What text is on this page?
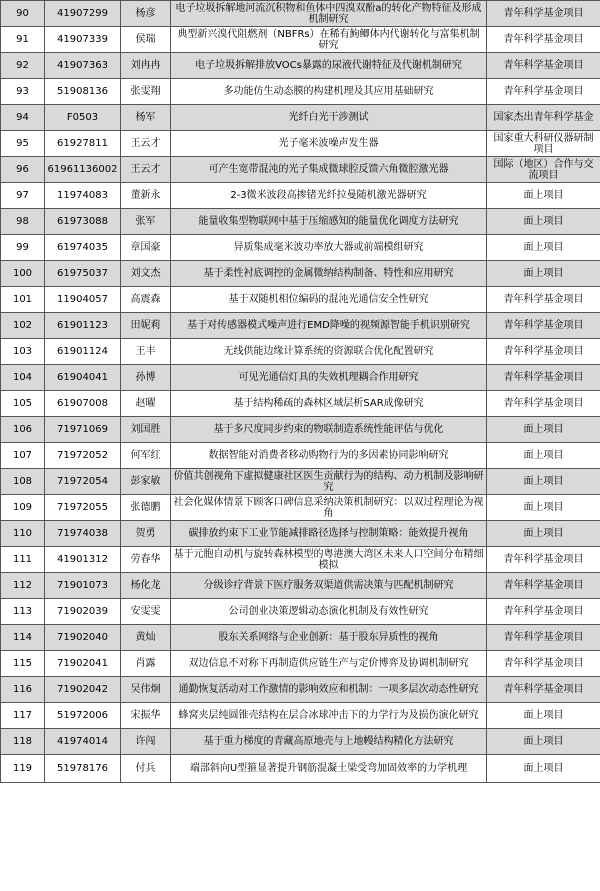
90	41907299	杨彦	电子垃圾拆解地河流沉积物和鱼体中四溴双酚a的转化产物特征及形成机制研究	青年科学基金项目
91	41907339	侯瑞	典型新兴溴代阻燃剂（NBFRs）在稀有鮈鲫体内代谢转化与富集机制研究	青年科学基金项目
92	41907363	刘冉冉	电子垃圾拆解排放VOCs暴露的尿液代谢特征及代谢机制研究	青年科学基金项目
93	51908136	张雯翔	多功能仿生动态膜的构建机理及其应用基础研究	青年科学基金项目
94	F0503	杨军	光纤白光干涉测试	国家杰出青年科学基金
95	61927811	王云才	光子毫米波噪声发生器	国家重大科研仪器研制项目
96	61961136002	王云才	可产生宽带混沌的光子集成微球腔反馈六角微腔激光器	国际（地区）合作与交流项目
97	11974083	董新永	2-3微米波段高掺锗光纤拉曼随机激光器研究	面上项目
98	61973088	张军	能量收集型物联网中基于压缩感知的能量优化调度方法研究	面上项目
99	61974035	章国豪	异质集成毫米波功率放大器或前端模组研究	面上项目
100	61975037	刘文杰	基于柔性衬底调控的金属微纳结构制备、特性和应用研究	面上项目
101	11904057	高震森	基于双随机相位编码的混沌光通信安全性研究	青年科学基金项目
102	61901123	田妮莉	基于对传感器模式噪声进行EMD降噪的视频源智能手机识别研究	青年科学基金项目
103	61901124	王丰	无线供能边缘计算系统的资源联合优化配置研究	青年科学基金项目
104	61904041	孙博	可见光通信灯具的失效机理耦合作用研究	青年科学基金项目
105	61907008	赵曜	基于结构稀疏的森林区域层析SAR成像研究	青年科学基金项目
106	71971069	刘国胜	基于多尺度同步约束的物联制造系统性能评估与优化	面上项目
107	71972052	何军红	数据智能对消费者移动购物行为的多因素协同影响研究	面上项目
108	71972054	彭家敏	价值共创视角下虚拟健康社区医生贡献行为的结构、动力机制及影响研究	面上项目
109	71972055	张德鹏	社会化媒体情景下顾客口碑信息采纳决策机制研究：以双过程理论为视角	面上项目
110	71974038	贺勇	碳排放约束下工业节能减排路径选择与控制策略：能效提升视角	面上项目
111	41901312	劳春华	基于元胞自动机与旋转森林模型的粤港澳大湾区未来人口空间分布精细模拟	青年科学基金项目
112	71901073	杨化龙	分级诊疗背景下医疗服务双渠道供需决策与匹配机制研究	青年科学基金项目
113	71902039	安雯雯	公司创业决策逻辑动态演化机制及有效性研究	青年科学基金项目
114	71902040	黄灿	股东关系网络与企业创新：基于股东异质性的视角	青年科学基金项目
115	71902041	肖露	双边信息不对称下再制造供应链生产与定价博弈及协调机制研究	青年科学基金项目
116	71902042	吴伟炯	通勤恢复活动对工作激情的影响效应和机制：一项多层次动态性研究	青年科学基金项目
117	51972006	宋振华	蜂窝夹层纯圆锥壳结构在层合冰球冲击下的力学行为及损伤演化研究	面上项目
118	41974014	许闯	基于重力梯度的青藏高原地壳与上地幔结构精化方法研究	面上项目
119	51978176	付兵	端部斜向U型箍显著提升钢筋混凝土梁受弯加固效率的力学机理	面上项目
